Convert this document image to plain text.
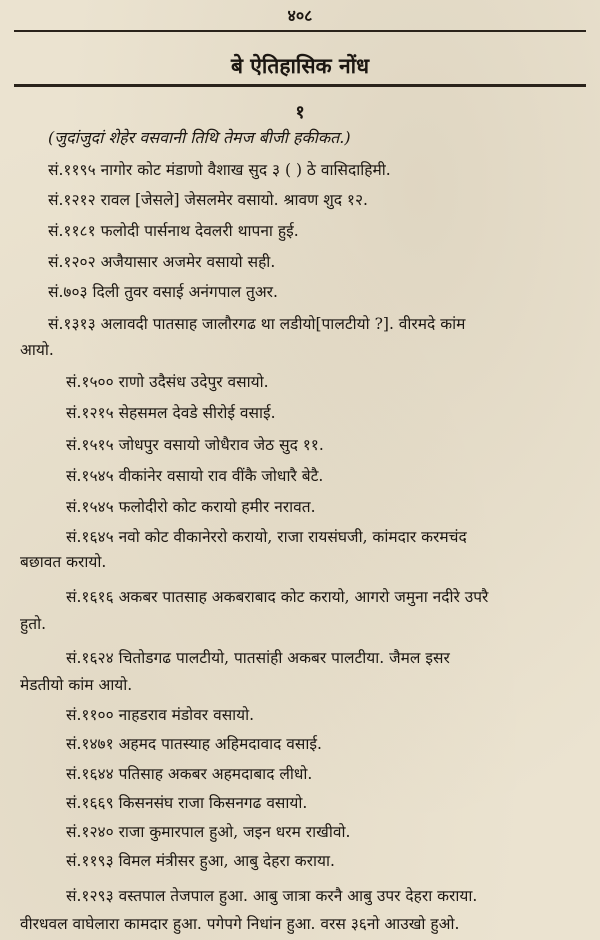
४०८
बे ऐतिहासिक नोंध
१
(जुदांजुदां शेहेर वसवानी तिथि तेमज बीजी हकीकत.)
सं.११९५ नागोर कोट मंडाणो वैशाख सुद ३ ( ) ठे वासिदाहिमी.
सं.१२१२ रावल [जेसले] जेसलमेर वसायो. श्रावण शुद १२.
सं.११८१ फलोदी पार्सनाथ देवलरी थापना हुई.
सं.१२०२ अजैयासार अजमेर वसायो सही.
सं.७०३ दिली तुवर वसाई अनंगपाल तुअर.
सं.१३१३ अलावदी पातसाह जालौरगढ था लडीयो[पालटीयो ?]. वीरमदे कांम
आयो.
सं.१५०० राणो उदैसंध उदेपुर वसायो.
सं.१२१५ सेहसमल देवडे सीरोई वसाई.
सं.१५१५ जोधपुर वसायो जोधैराव जेठ सुद ११.
सं.१५४५ वीकांनेर वसायो राव वींकै जोधारै बेटै.
सं.१५४५ फलोदीरो कोट करायो हमीर नरावत.
सं.१६४५ नवो कोट वीकानेररो करायो, राजा रायसंघजी, कांमदार करमचंद
बछावत करायो.
सं.१६१६ अकबर पातसाह अकबराबाद कोट करायो, आगरो जमुना नदीरे उपरै
हुतो.
सं.१६२४ चितोडगढ पालटीयो, पातसांही अकबर पालटीया. जैमल इसर
मेडतीयो कांम आयो.
सं.११०० नाहडराव मंडोवर वसायो.
सं.१४७१ अहमद पातस्याह अहिमदावाद वसाई.
सं.१६४४ पतिसाह अकबर अहमदाबाद लीधो.
सं.१६६९ किसनसंघ राजा किसनगढ वसायो.
सं.१२४० राजा कुमारपाल हुओ, जइन धरम राखीवो.
सं.११९३ विमल मंत्रीसर हुआ, आबु देहरा कराया.
सं.१२९३ वस्तपाल तेजपाल हुआ. आबु जात्रा करनै आबु उपर देहरा कराया.
वीरधवल वाघेलारा कामदार हुआ. पगेपगे निधांन हुआ. वरस ३६नो आउखो हुओ.
